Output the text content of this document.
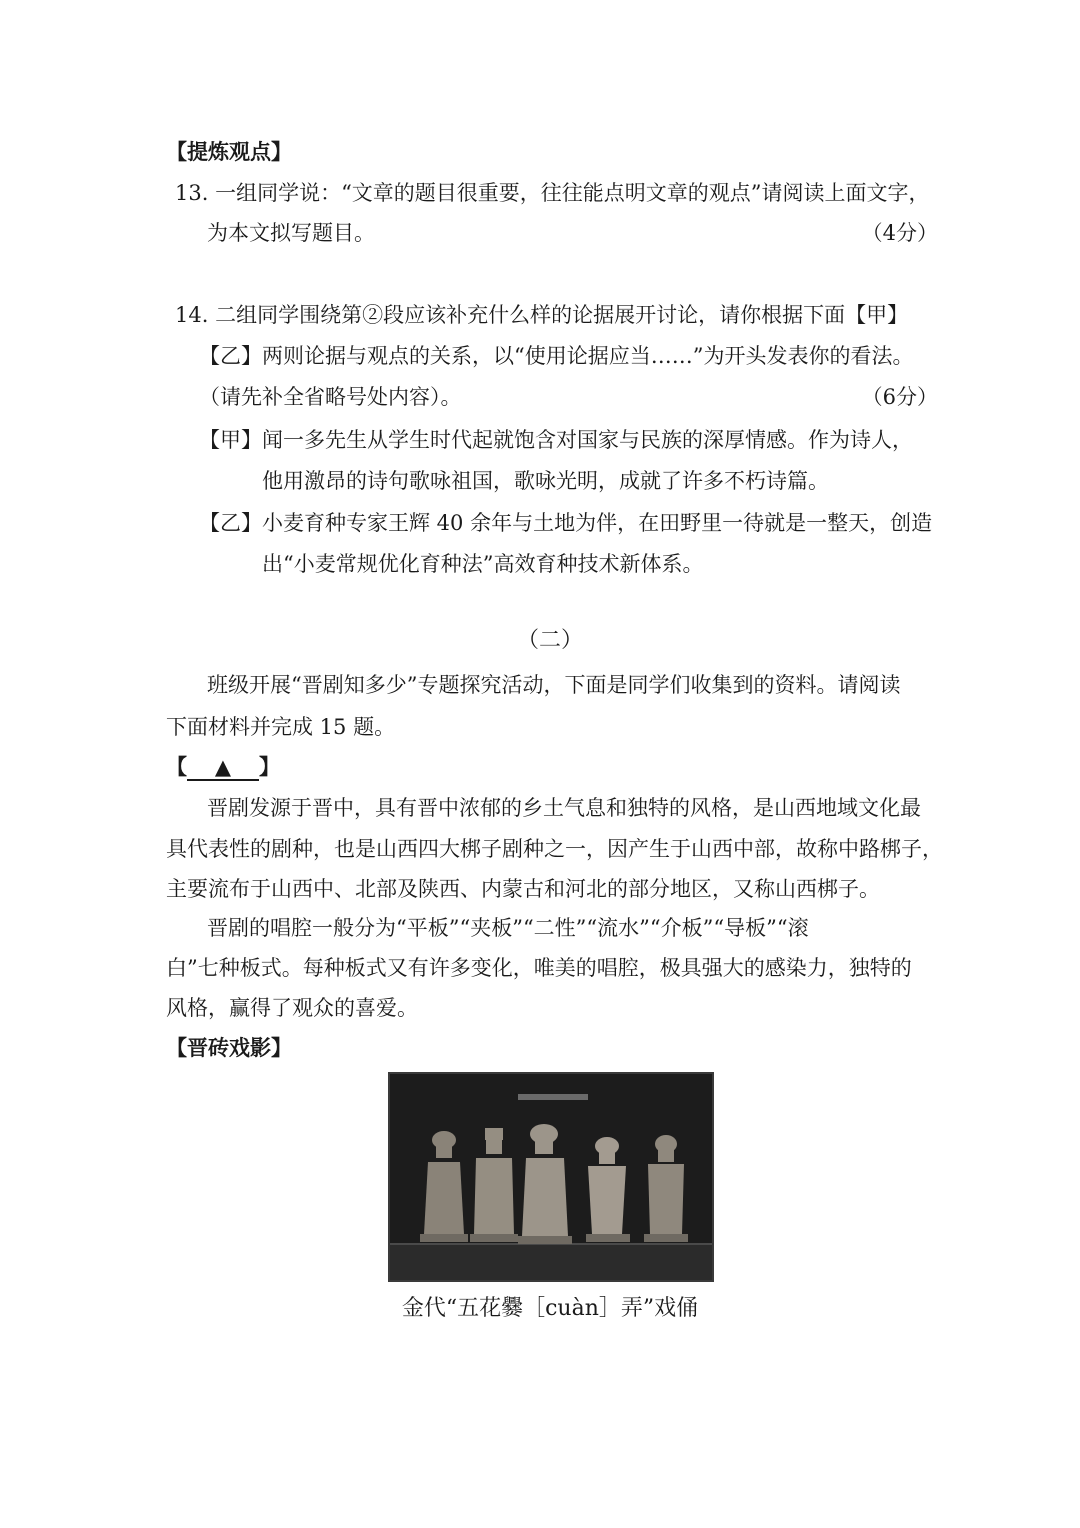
【提炼观点】
13. 一组同学说：“文章的题目很重要，往往能点明文章的观点”请阅读上面文字，
为本文拟写题目。	（4分）
14. 二组同学围绕第②段应该补充什么样的论据展开讨论，请你根据下面【甲】
【乙】两则论据与观点的关系，以“使用论据应当……”为开头发表你的看法。
（请先补全省略号处内容）。	（6分）
【甲】闻一多先生从学生时代起就饱含对国家与民族的深厚情感。作为诗人，
他用激昂的诗句歌咏祖国，歌咏光明，成就了许多不朽诗篇。
【乙】小麦育种专家王辉 40 余年与土地为伴，在田野里一待就是一整天，创造
出“小麦常规优化育种法”高效育种技术新体系。
（二）
班级开展“晋剧知多少”专题探究活动，下面是同学们收集到的资料。请阅读
下面材料并完成 15 题。
【 ▲ 】
晋剧发源于晋中，具有晋中浓郁的乡土气息和独特的风格，是山西地域文化最
具代表性的剧种，也是山西四大梆子剧种之一，因产生于山西中部，故称中路梆子，
主要流布于山西中、北部及陕西、内蒙古和河北的部分地区，又称山西梆子。
晋剧的唱腔一般分为“平板”“夹板”“二性”“流水”“介板”“导板”“滚
白”七种板式。每种板式又有许多变化，唯美的唱腔，极具强大的感染力，独特的
风格，赢得了观众的喜爱。
【晋砖戏影】
金代“五花爨［cuàn］弄”戏俑
